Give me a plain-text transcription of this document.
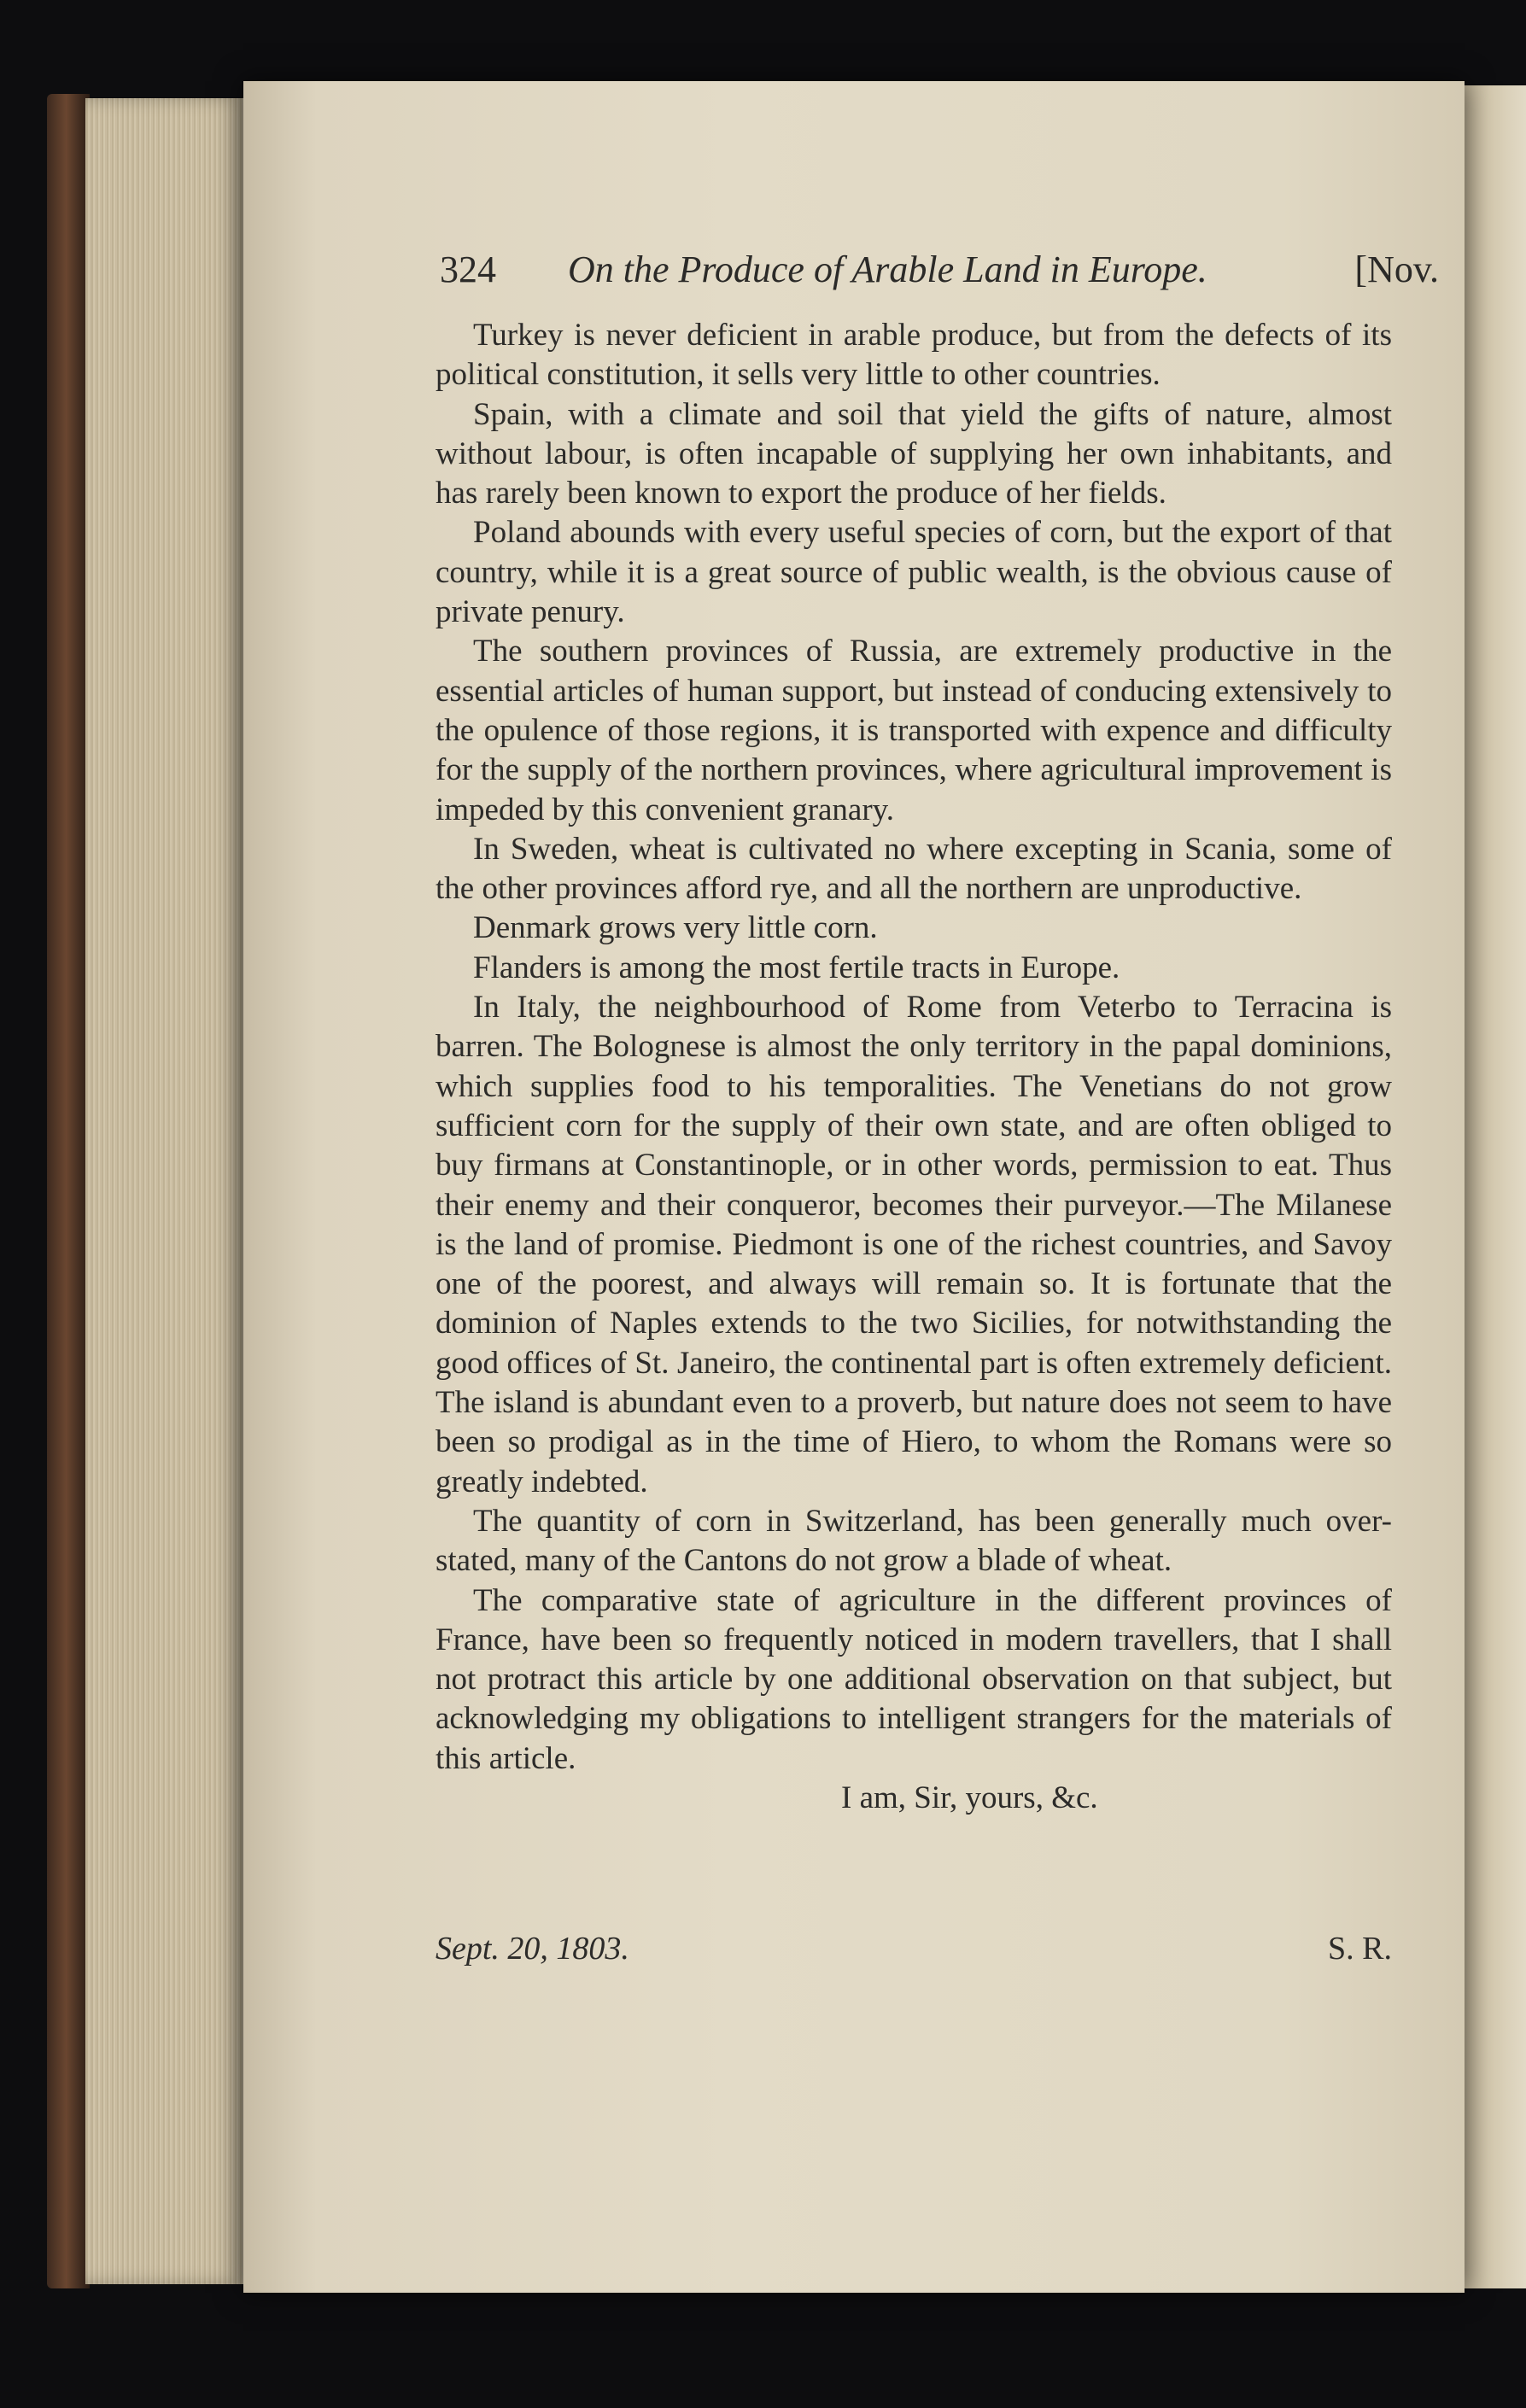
324 On the Produce of Arable Land in Europe.	[Nov.

Turkey is never deficient in arable produce, but from the defects of its political constitution, it sells very little to other countries.

Spain, with a climate and soil that yield the gifts of nature, almost without labour, is often incapable of supplying her own inhabitants, and has rarely been known to export the produce of her fields.

Poland abounds with every useful species of corn, but the export of that country, while it is a great source of public wealth, is the obvious cause of private penury.

The southern provinces of Russia, are extremely productive in the essential articles of human support, but instead of conducing extensively to the opulence of those regions, it is transported with expence and difficulty for the supply of the northern provinces, where agricultural improvement is impeded by this convenient granary.

In Sweden, wheat is cultivated no where excepting in Scania, some of the other provinces afford rye, and all the northern are unproductive.

Denmark grows very little corn.

Flanders is among the most fertile tracts in Europe.

In Italy, the neighbourhood of Rome from Veterbo to Terracina is barren. The Bolognese is almost the only territory in the papal dominions, which supplies food to his temporalities. The Venetians do not grow sufficient corn for the supply of their own state, and are often obliged to buy firmans at Constantinople, or in other words, permission to eat. Thus their enemy and their conqueror, becomes their purveyor.—The Milanese is the land of promise. Piedmont is one of the richest countries, and Savoy one of the poorest, and always will remain so. It is fortunate that the dominion of Naples extends to the two Sicilies, for notwithstanding the good offices of St. Janeiro, the continental part is often extremely deficient. The island is abundant even to a proverb, but nature does not seem to have been so prodigal as in the time of Hiero, to whom the Romans were so greatly indebted.

The quantity of corn in Switzerland, has been generally much over-stated, many of the Cantons do not grow a blade of wheat.

The comparative state of agriculture in the different provinces of France, have been so frequently noticed in modern travellers, that I shall not protract this article by one additional observation on that subject, but acknowledging my obligations to intelligent strangers for the materials of this article.

I am, Sir, yours, &c.

Sept. 20, 1803.	S. R.
